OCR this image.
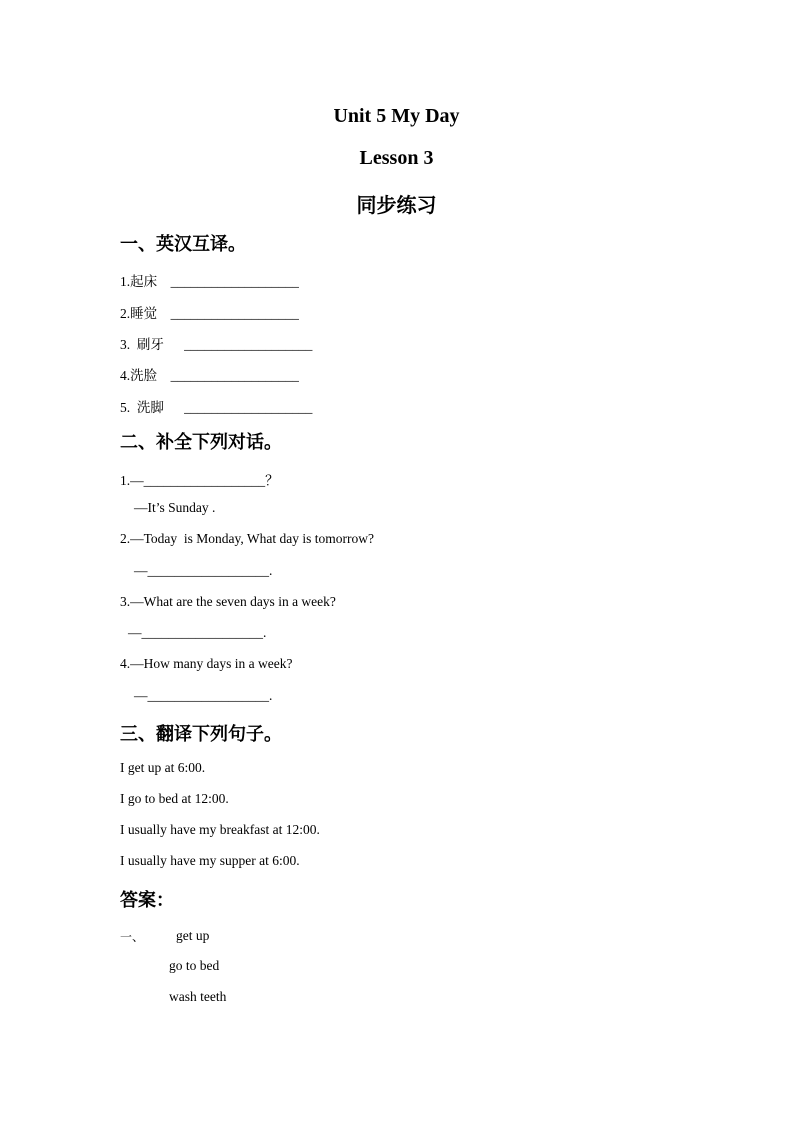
Unit 5 My Day
Lesson 3
同步练习
一、英汉互译。
1.起床    ___________________
2.睡觉    ___________________
3.  刷牙      ___________________
4.洗脸    ___________________
5.  洗脚      ___________________
二、补全下列对话。
1.—__________________？
—It’s Sunday .
2.—Today  is Monday, What day is tomorrow?
—__________________.
3.—What are the seven days in a week?
—__________________.
4.—How many days in a week?
—__________________.
三、翻译下列句子。
I get up at 6:00.
I go to bed at 12:00.
I usually have my breakfast at 12:00.
I usually have my supper at 6:00.
答案：
一、 get up
go to bed
wash teeth
